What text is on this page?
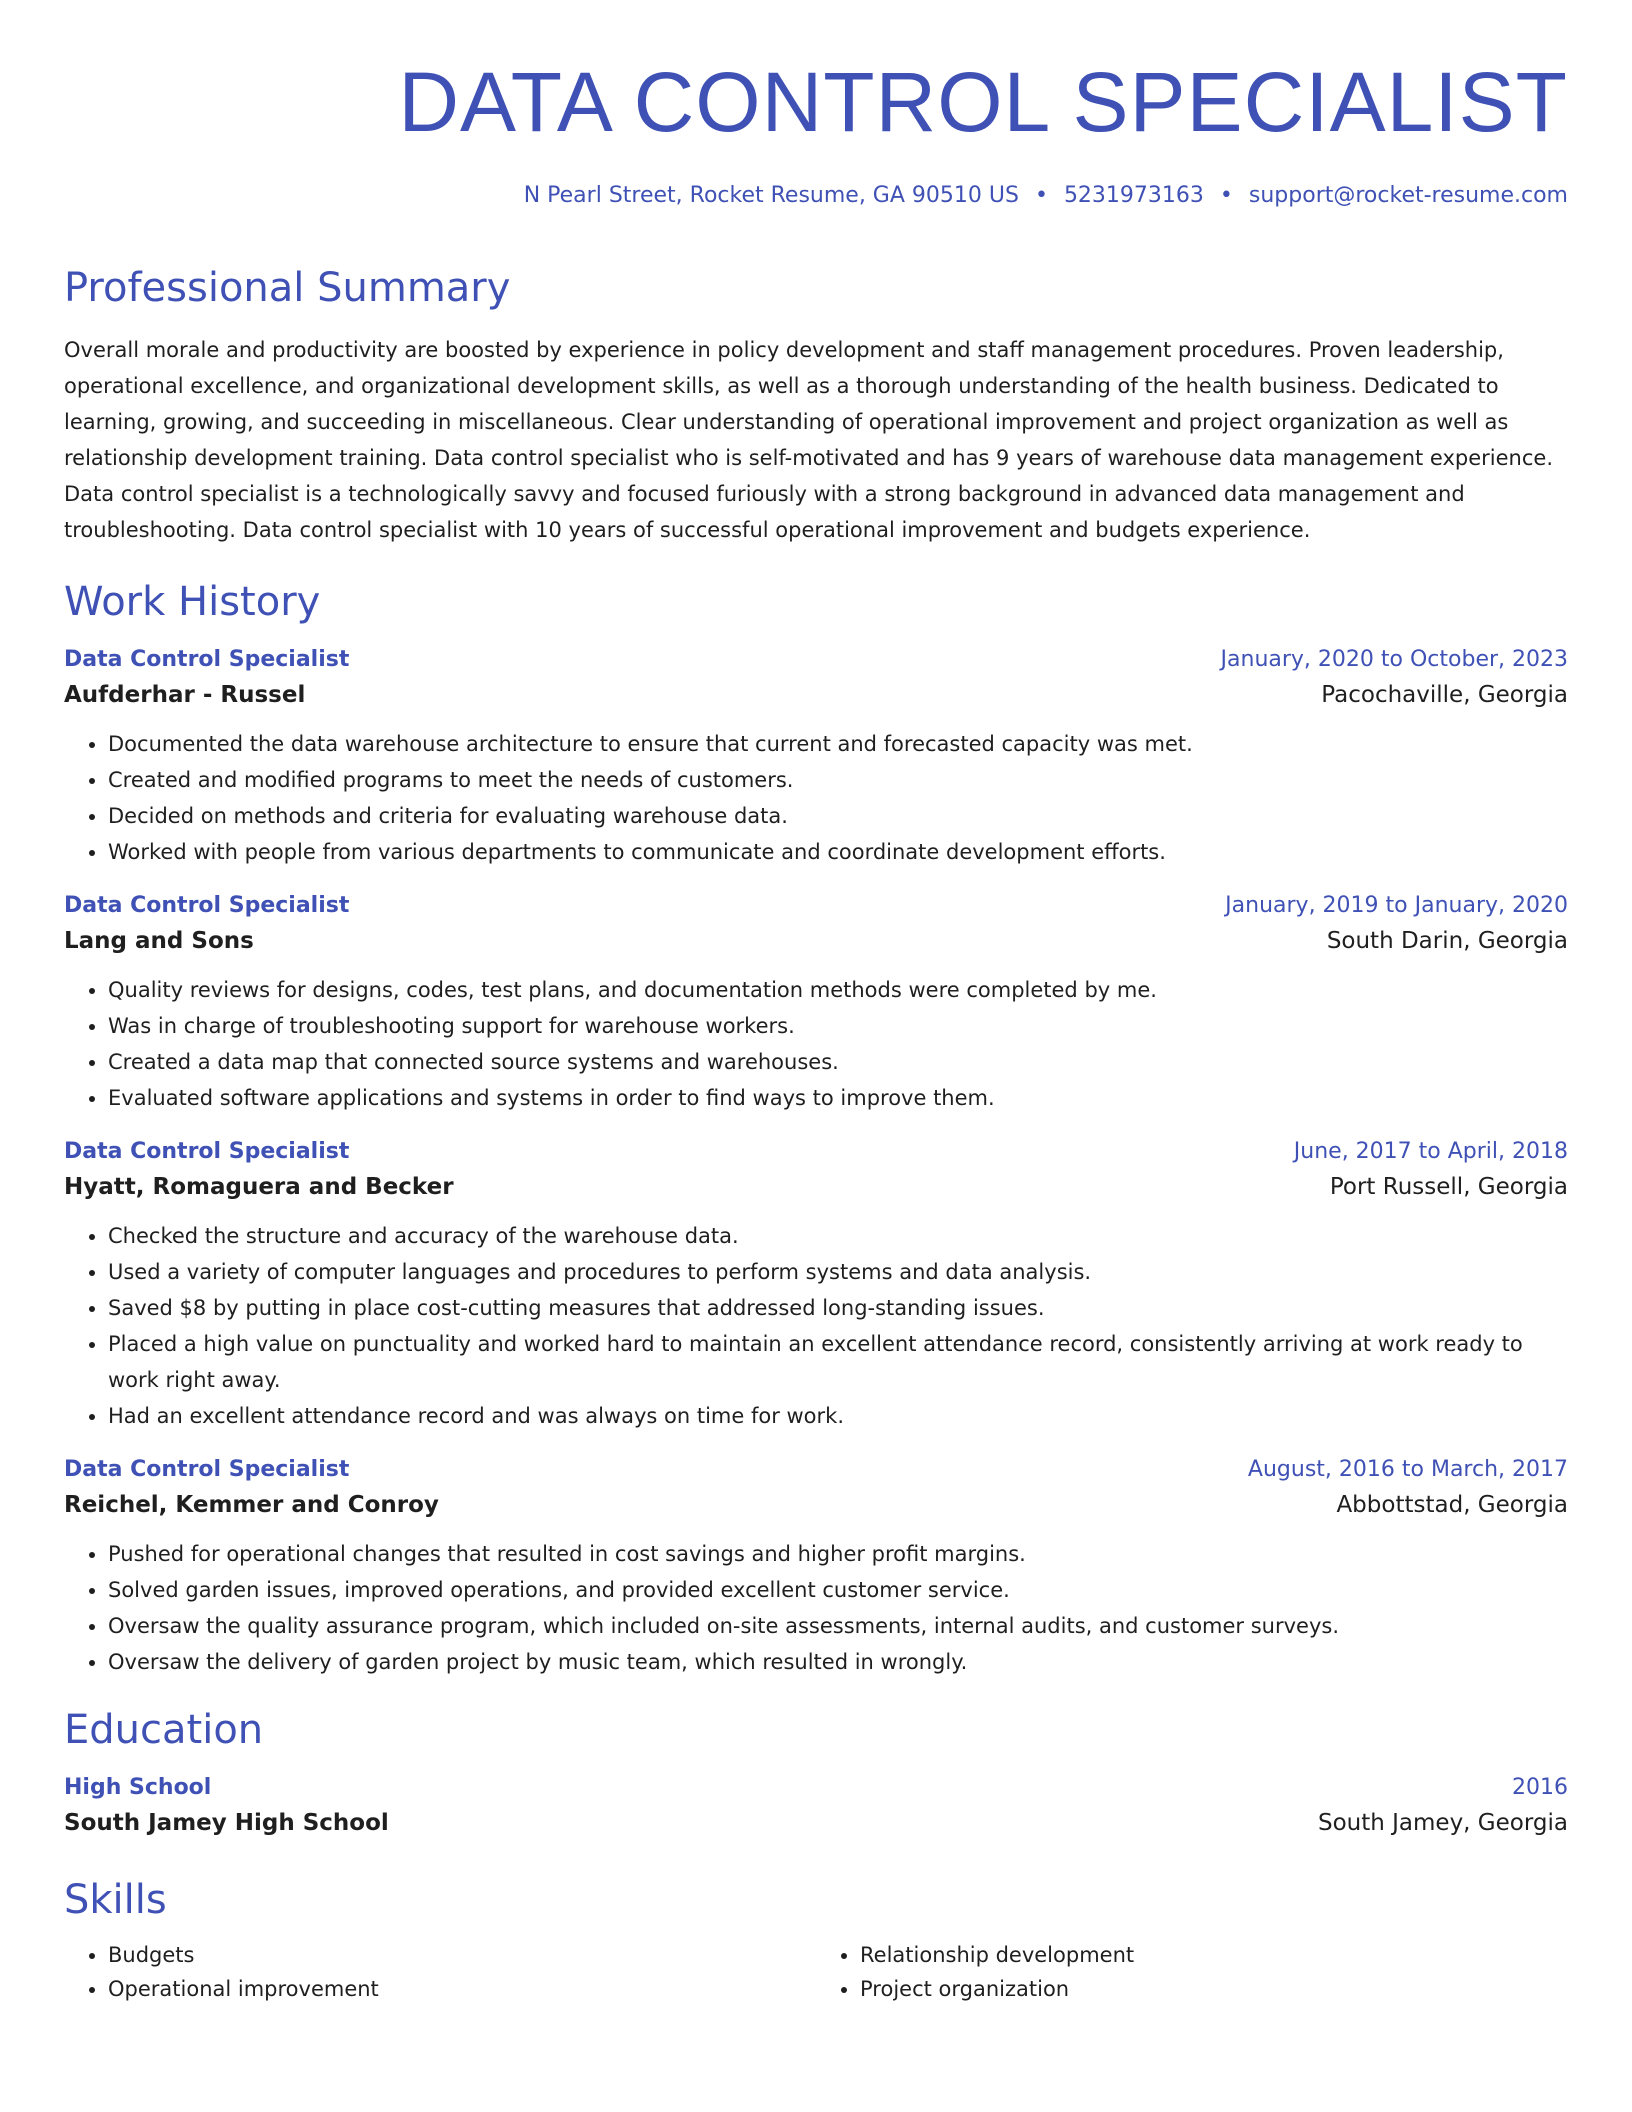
DATA CONTROL SPECIALIST
N Pearl Street, Rocket Resume, GA 90510 US • 5231973163 • support@rocket-resume.com
Professional Summary

Overall morale and productivity are boosted by experience in policy development and staff management procedures. Proven leadership, operational excellence, and organizational development skills, as well as a thorough understanding of the health business. Dedicated to learning, growing, and succeeding in miscellaneous. Clear understanding of operational improvement and project organization as well as relationship development training. Data control specialist who is self-motivated and has 9 years of warehouse data management experience. Data control specialist is a technologically savvy and focused furiously with a strong background in advanced data management and troubleshooting. Data control specialist with 10 years of successful operational improvement and budgets experience.

Work History
Data Control Specialist	January, 2020 to October, 2023
Aufderhar - Russel	Pacochaville, Georgia
• Documented the data warehouse architecture to ensure that current and forecasted capacity was met.
• Created and modified programs to meet the needs of customers.
• Decided on methods and criteria for evaluating warehouse data.
• Worked with people from various departments to communicate and coordinate development efforts.
Data Control Specialist	January, 2019 to January, 2020
Lang and Sons	South Darin, Georgia
• Quality reviews for designs, codes, test plans, and documentation methods were completed by me.
• Was in charge of troubleshooting support for warehouse workers.
• Created a data map that connected source systems and warehouses.
• Evaluated software applications and systems in order to find ways to improve them.
Data Control Specialist	June, 2017 to April, 2018
Hyatt, Romaguera and Becker	Port Russell, Georgia
• Checked the structure and accuracy of the warehouse data.
• Used a variety of computer languages and procedures to perform systems and data analysis.
• Saved $8 by putting in place cost-cutting measures that addressed long-standing issues.
• Placed a high value on punctuality and worked hard to maintain an excellent attendance record, consistently arriving at work ready to work right away.
• Had an excellent attendance record and was always on time for work.
Data Control Specialist	August, 2016 to March, 2017
Reichel, Kemmer and Conroy	Abbottstad, Georgia
• Pushed for operational changes that resulted in cost savings and higher profit margins.
• Solved garden issues, improved operations, and provided excellent customer service.
• Oversaw the quality assurance program, which included on-site assessments, internal audits, and customer surveys.
• Oversaw the delivery of garden project by music team, which resulted in wrongly.
Education
High School	2016
South Jamey High School	South Jamey, Georgia
Skills
• Budgets
• Operational improvement
• Relationship development
• Project organization
